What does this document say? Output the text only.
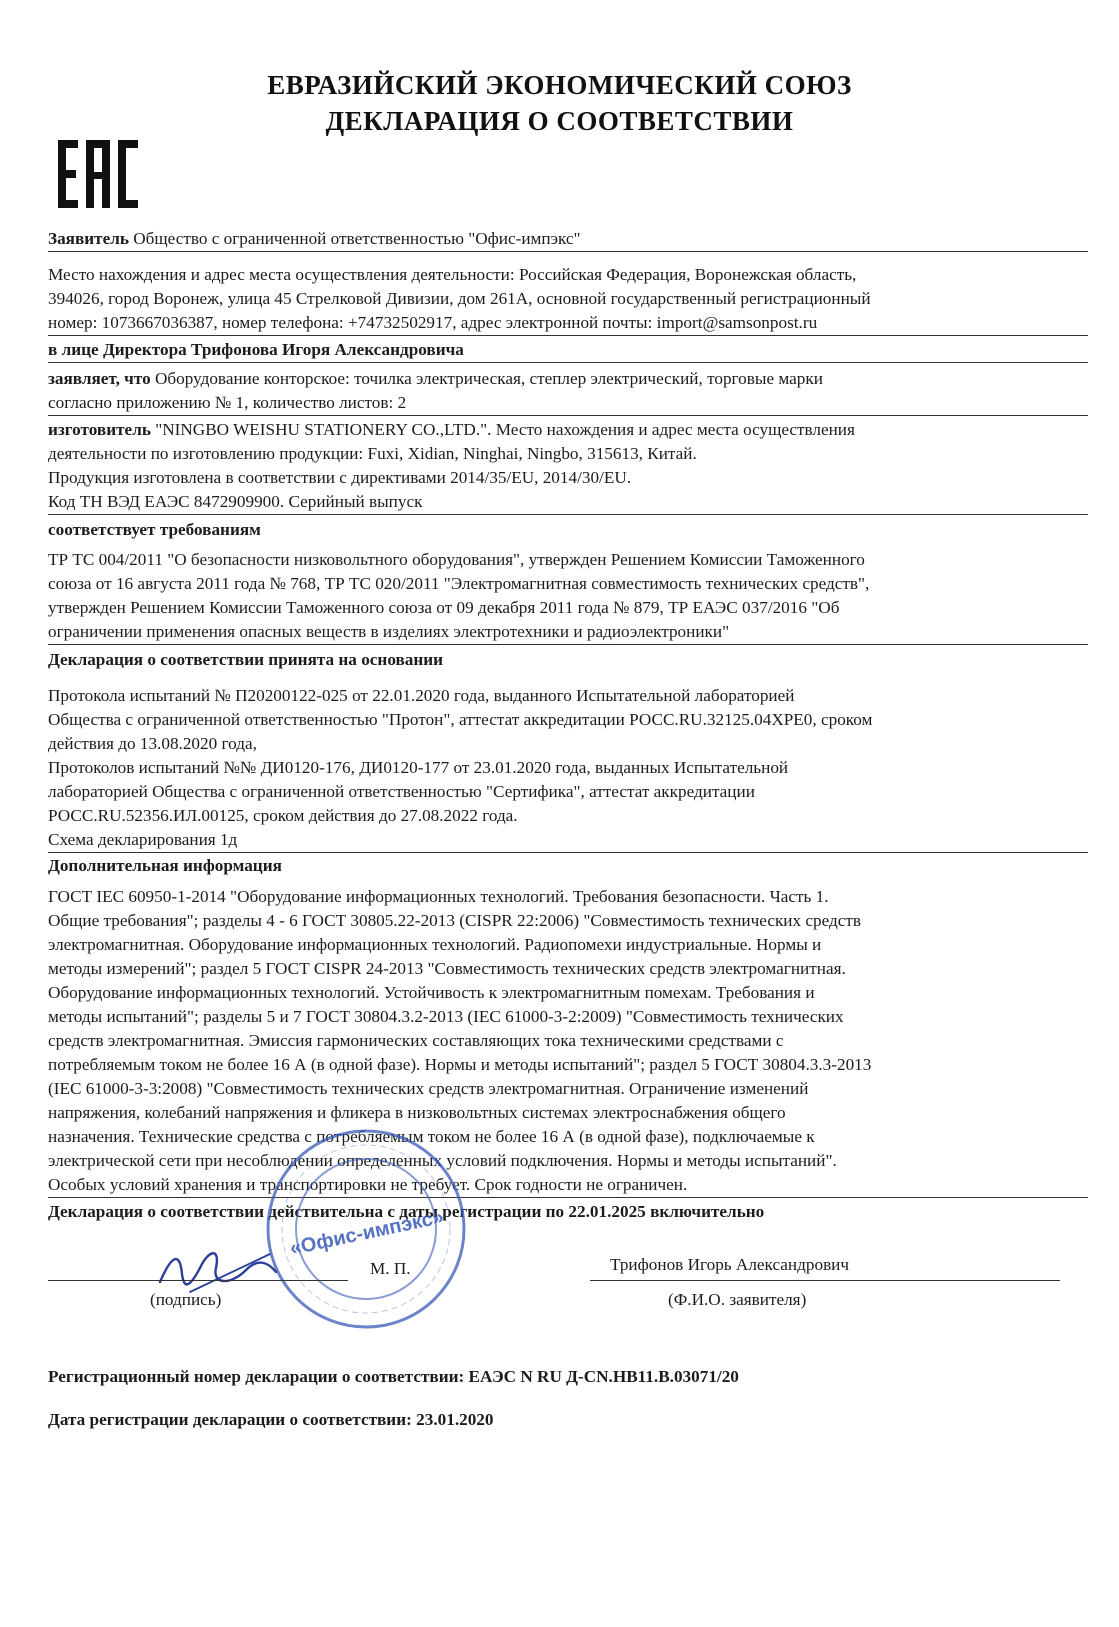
ЕВРАЗИЙСКИЙ ЭКОНОМИЧЕСКИЙ СОЮЗ
ДЕКЛАРАЦИЯ О СООТВЕТСТВИИ
Заявитель Общество с ограниченной ответственностью "Офис-импэкс"
Место нахождения и адрес места осуществления деятельности: Российская Федерация, Воронежская область,
394026, город Воронеж, улица 45 Стрелковой Дивизии, дом 261А, основной государственный регистрационный
номер: 1073667036387, номер телефона: +74732502917, адрес электронной почты: import@samsonpost.ru
в лице Директора Трифонова Игоря Александровича
заявляет, что Оборудование конторское: точилка электрическая, степлер электрический, торговые марки
согласно приложению № 1, количество листов: 2
изготовитель "NINGBO WEISHU STATIONERY CO.,LTD.". Место нахождения и адрес места осуществления
деятельности по изготовлению продукции: Fuxi, Xidian, Ninghai, Ningbo, 315613, Китай.
Продукция изготовлена в соответствии с директивами 2014/35/EU, 2014/30/EU.
Код ТН ВЭД ЕАЭС 8472909900. Серийный выпуск
соответствует требованиям
ТР ТС 004/2011 "О безопасности низковольтного оборудования", утвержден Решением Комиссии Таможенного
союза от 16 августа 2011 года № 768, ТР ТС 020/2011 "Электромагнитная совместимость технических средств",
утвержден Решением Комиссии Таможенного союза от 09 декабря 2011 года № 879, ТР ЕАЭС 037/2016 "Об
ограничении применения опасных веществ в изделиях электротехники и радиоэлектроники"
Декларация о соответствии принята на основании
Протокола испытаний № П20200122-025 от 22.01.2020 года, выданного Испытательной лабораторией
Общества с ограниченной ответственностью "Протон", аттестат аккредитации РОСС.RU.32125.04ХРЕ0, сроком
действия до 13.08.2020 года,
Протоколов испытаний №№ ДИ0120-176, ДИ0120-177 от 23.01.2020 года, выданных Испытательной
лабораторией Общества с ограниченной ответственностью "Сертифика", аттестат аккредитации
РОСС.RU.52356.ИЛ.00125, сроком действия до 27.08.2022 года.
Схема декларирования 1д
Дополнительная информация
ГОСТ IEC 60950-1-2014 "Оборудование информационных технологий. Требования безопасности. Часть 1.
Общие требования"; разделы 4 - 6 ГОСТ 30805.22-2013 (CISPR 22:2006) "Совместимость технических средств
электромагнитная. Оборудование информационных технологий. Радиопомехи индустриальные. Нормы и
методы измерений"; раздел 5 ГОСТ CISPR 24-2013 "Совместимость технических средств электромагнитная.
Оборудование информационных технологий. Устойчивость к электромагнитным помехам. Требования и
методы испытаний"; разделы 5 и 7 ГОСТ 30804.3.2-2013 (IEC 61000-3-2:2009) "Совместимость технических
средств электромагнитная. Эмиссия гармонических составляющих тока техническими средствами с
потребляемым током не более 16 А (в одной фазе). Нормы и методы испытаний"; раздел 5 ГОСТ 30804.3.3-2013
(IEC 61000-3-3:2008) "Совместимость технических средств электромагнитная. Ограничение изменений
напряжения, колебаний напряжения и фликера в низковольтных системах электроснабжения общего
назначения. Технические средства с потребляемым током не более 16 А (в одной фазе), подключаемые к
электрической сети при несоблюдении определенных условий подключения. Нормы и методы испытаний".
Особых условий хранения и транспортировки не требует. Срок годности не ограничен.
Декларация о соответствии действительна с даты регистрации по 22.01.2025 включительно
«Офис-импэкс»
М. П.	Трифонов Игорь Александрович
(подпись)	(Ф.И.О. заявителя)
Регистрационный номер декларации о соответствии: ЕАЭС N RU Д-CN.НВ11.В.03071/20
Дата регистрации декларации о соответствии: 23.01.2020
